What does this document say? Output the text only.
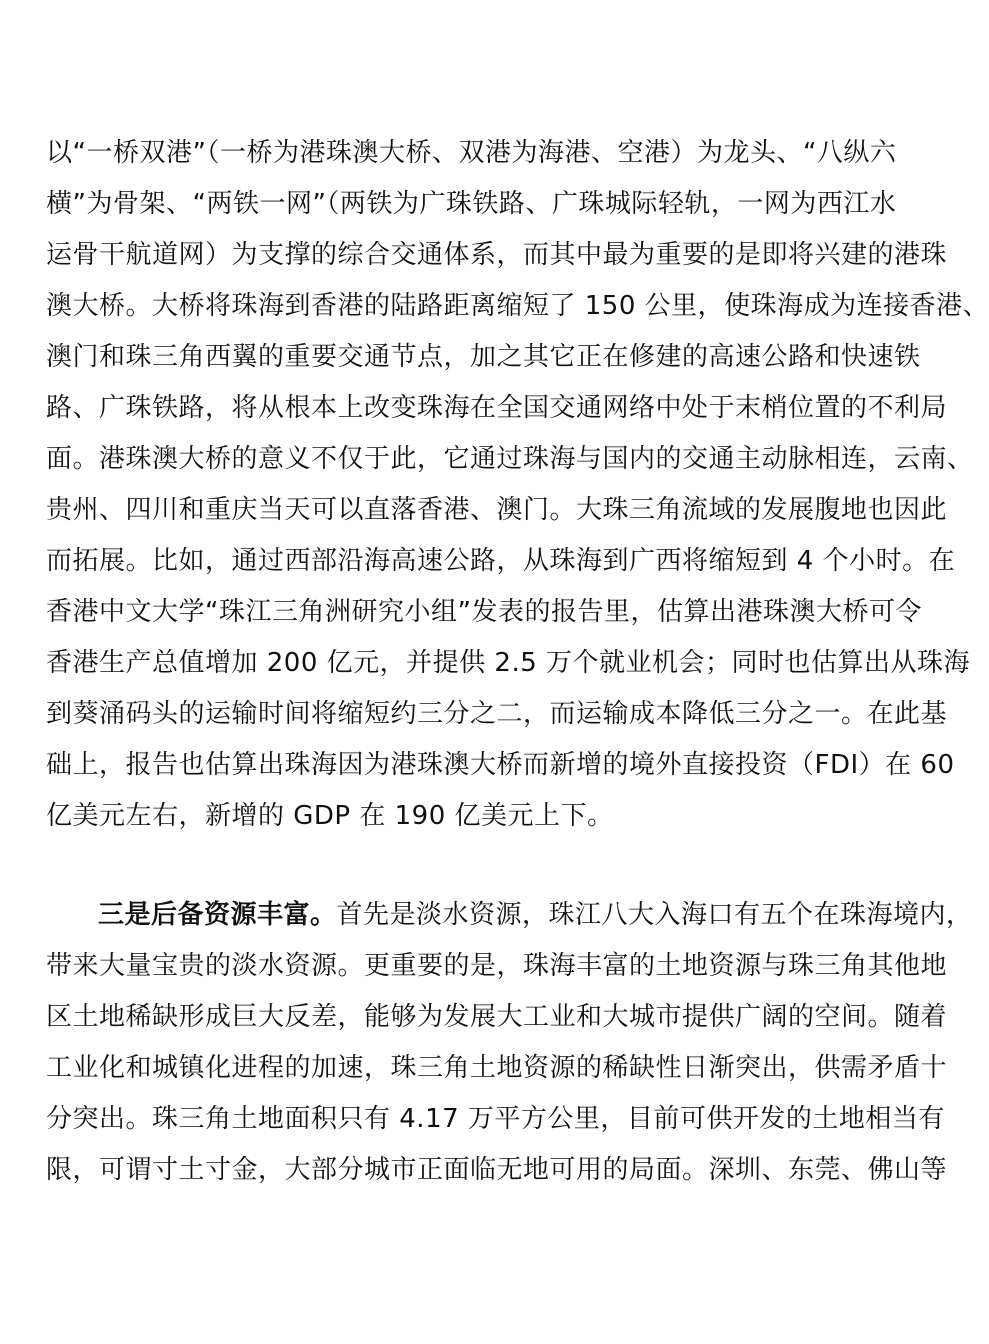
以“一桥双港”（一桥为港珠澳大桥、双港为海港、空港）为龙头、“八纵六
横”为骨架、“两铁一网”（两铁为广珠铁路、广珠城际轻轨，一网为西江水
运骨干航道网）为支撑的综合交通体系，而其中最为重要的是即将兴建的港珠
澳大桥。大桥将珠海到香港的陆路距离缩短了 150 公里，使珠海成为连接香港、
澳门和珠三角西翼的重要交通节点，加之其它正在修建的高速公路和快速铁
路、广珠铁路，将从根本上改变珠海在全国交通网络中处于末梢位置的不利局
面。港珠澳大桥的意义不仅于此，它通过珠海与国内的交通主动脉相连，云南、
贵州、四川和重庆当天可以直落香港、澳门。大珠三角流域的发展腹地也因此
而拓展。比如，通过西部沿海高速公路，从珠海到广西将缩短到 4 个小时。在
香港中文大学“珠江三角洲研究小组”发表的报告里，估算出港珠澳大桥可令
香港生产总值增加 200 亿元，并提供 2.5 万个就业机会；同时也估算出从珠海
到葵涌码头的运输时间将缩短约三分之二，而运输成本降低三分之一。在此基
础上，报告也估算出珠海因为港珠澳大桥而新增的境外直接投资（FDI）在 60
亿美元左右，新增的 GDP 在 190 亿美元上下。
三是后备资源丰富。首先是淡水资源，珠江八大入海口有五个在珠海境内，
带来大量宝贵的淡水资源。更重要的是，珠海丰富的土地资源与珠三角其他地
区土地稀缺形成巨大反差，能够为发展大工业和大城市提供广阔的空间。随着
工业化和城镇化进程的加速，珠三角土地资源的稀缺性日渐突出，供需矛盾十
分突出。珠三角土地面积只有 4.17 万平方公里，目前可供开发的土地相当有
限，可谓寸土寸金，大部分城市正面临无地可用的局面。深圳、东莞、佛山等
